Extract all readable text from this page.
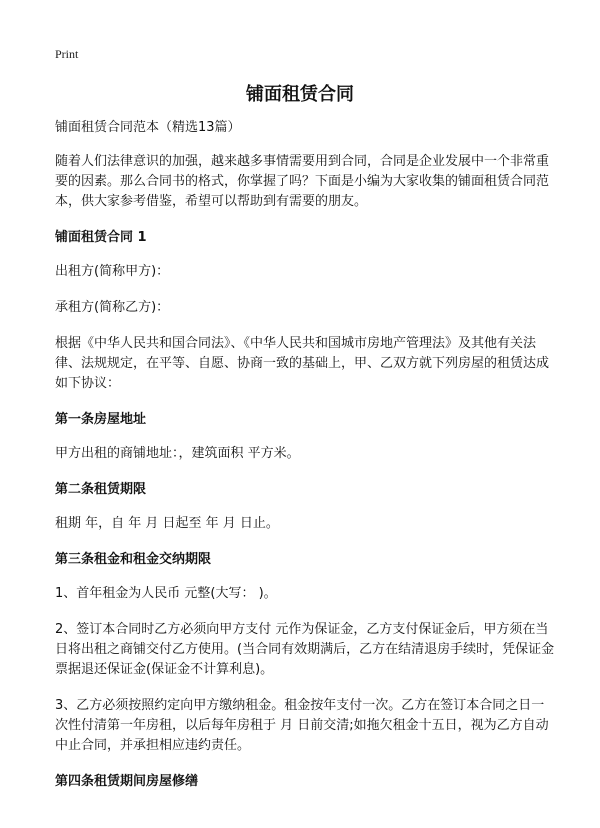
Print
铺面租赁合同

铺面租赁合同范本（精选13篇）

随着人们法律意识的加强，越来越多事情需要用到合同，合同是企业发展中一个非常重要的因素。那么合同书的格式，你掌握了吗？下面是小编为大家收集的铺面租赁合同范本，供大家参考借鉴，希望可以帮助到有需要的朋友。

铺面租赁合同 1

出租方(简称甲方)：

承租方(简称乙方)：

根据《中华人民共和国合同法》、《中华人民共和国城市房地产管理法》及其他有关法律、法规规定，在平等、自愿、协商一致的基础上，甲、乙双方就下列房屋的租赁达成如下协议：

第一条房屋地址

甲方出租的商铺地址：，建筑面积 平方米。

第二条租赁期限

租期 年，自 年 月 日起至 年 月 日止。

第三条租金和租金交纳期限

1、首年租金为人民币 元整(大写： )。

2、签订本合同时乙方必须向甲方支付 元作为保证金，乙方支付保证金后，甲方须在当日将出租之商铺交付乙方使用。(当合同有效期满后，乙方在结清退房手续时，凭保证金票据退还保证金(保证金不计算利息)。

3、乙方必须按照约定向甲方缴纳租金。租金按年支付一次。乙方在签订本合同之日一次性付清第一年房租，以后每年房租于 月 日前交清;如拖欠租金十五日，视为乙方自动中止合同，并承担相应违约责任。

第四条租赁期间房屋修缮
